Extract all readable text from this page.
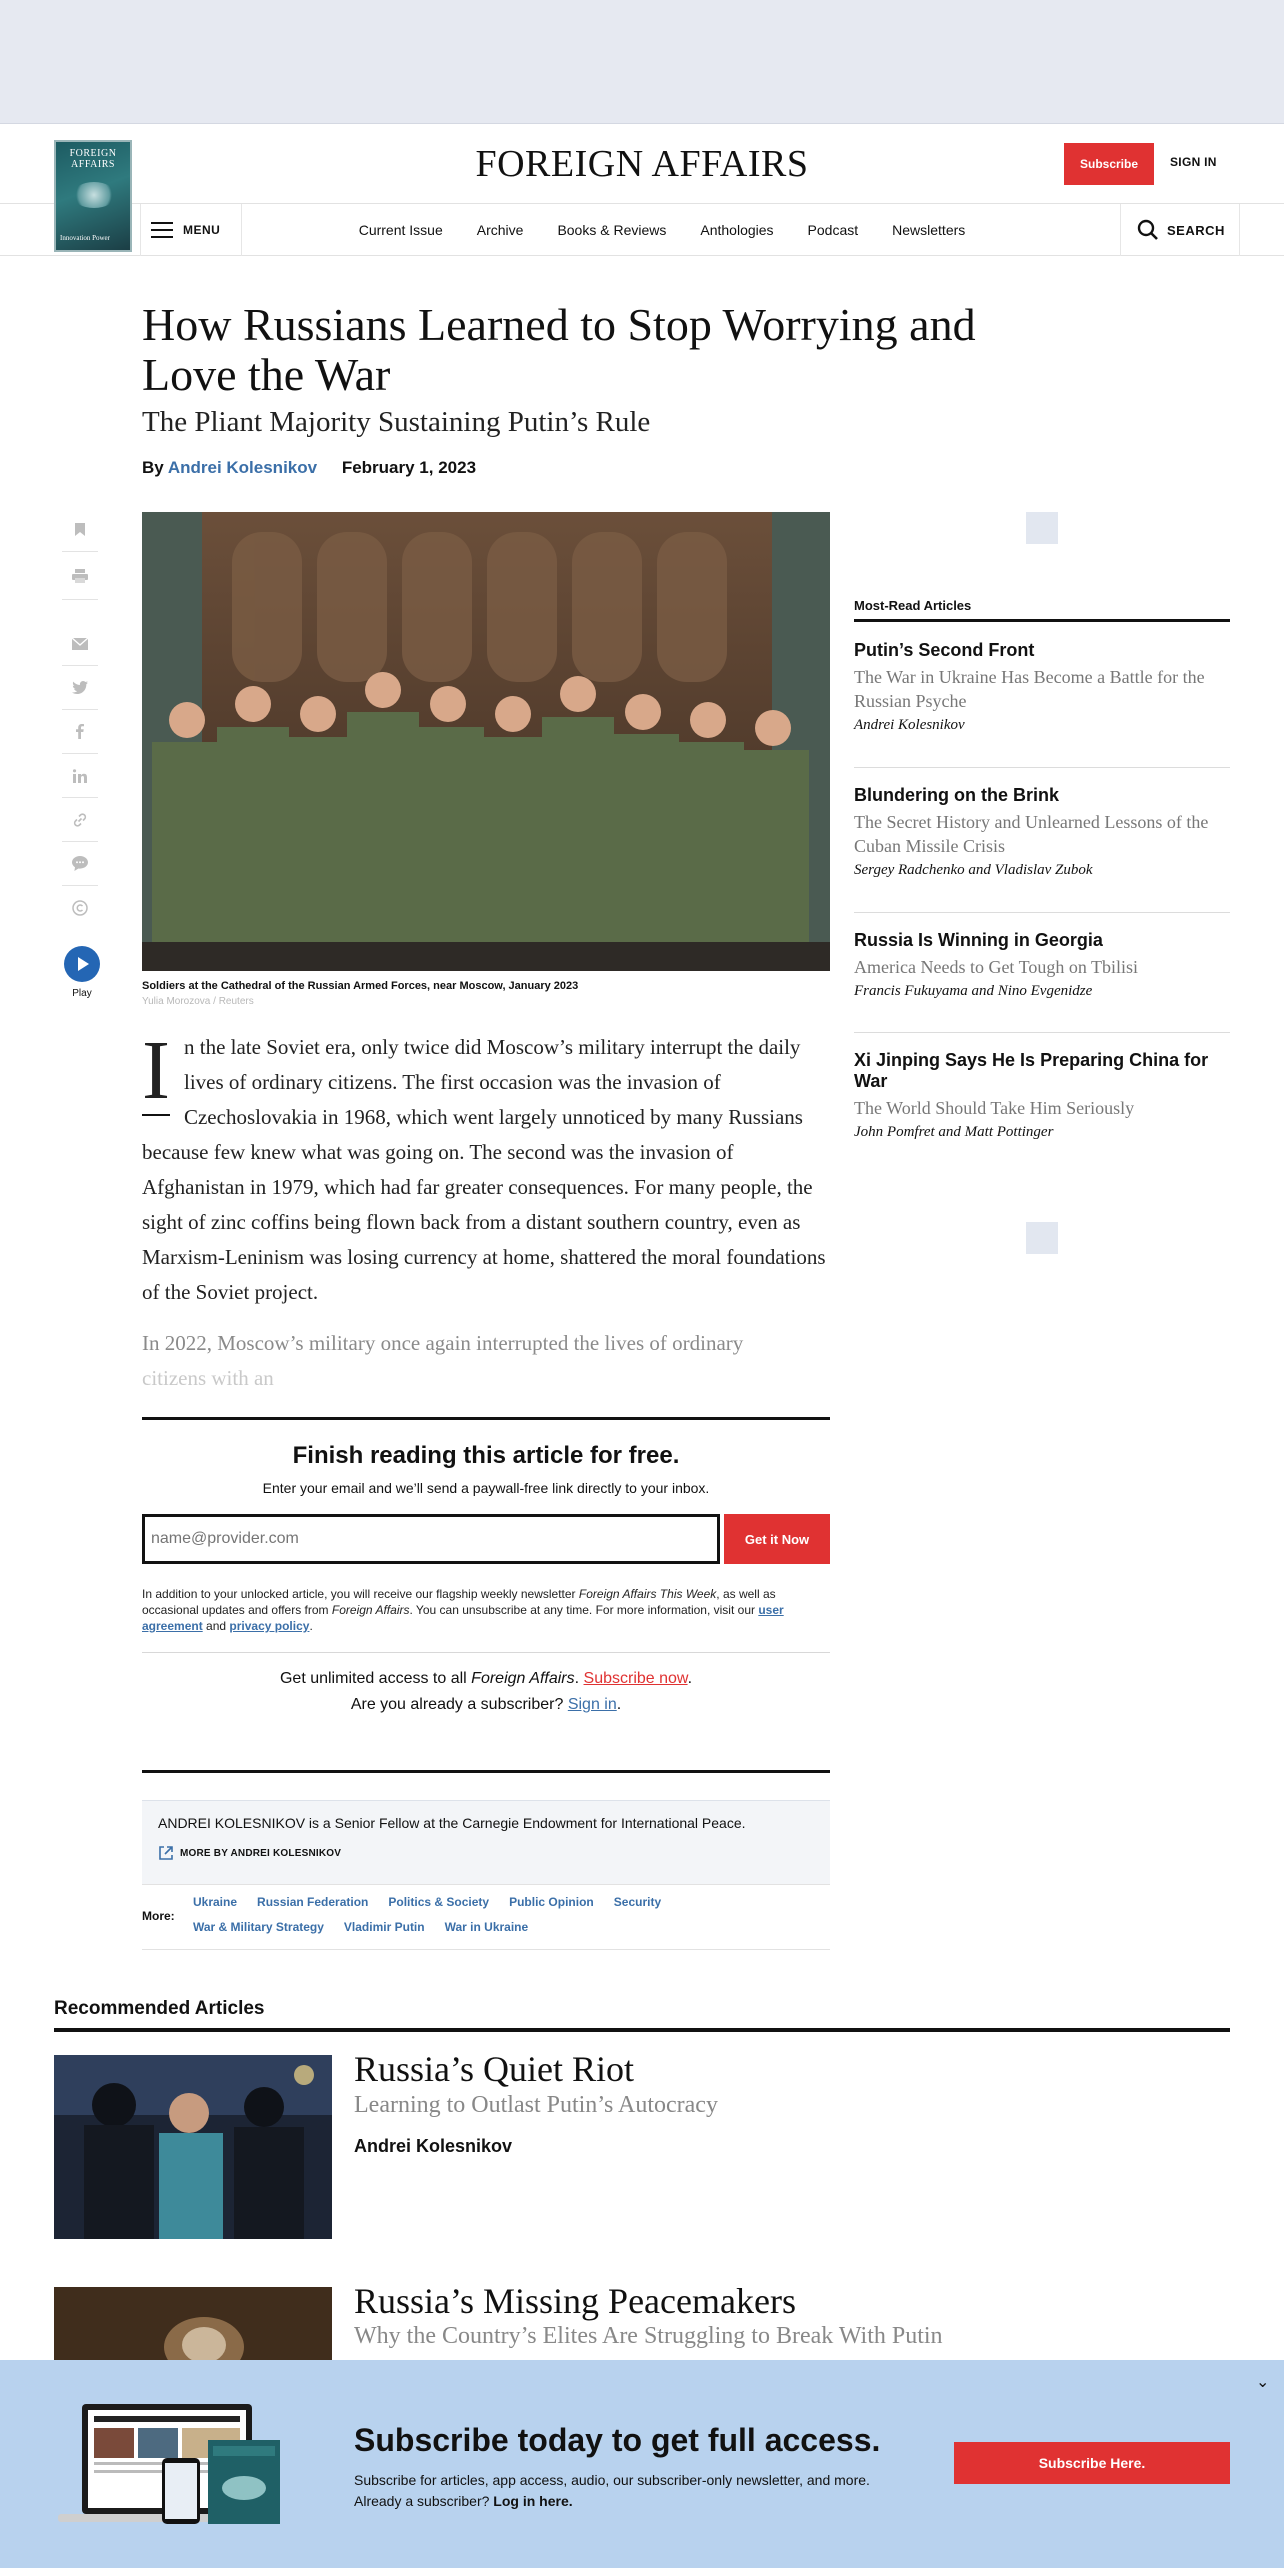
FOREIGN AFFAIRS
Innovation Power
FOREIGN AFFAIRS	Subscribe	SIGN IN
Current Issue Archive Books & Reviews Anthologies Podcast Newsletters
MENU	SEARCH
How Russians Learned to Stop Worrying and Love the War
The Pliant Majority Sustaining Putin’s Rule
By Andrei Kolesnikov February 1, 2023
Play
Soldiers at the Cathedral of the Russian Armed Forces, near Moscow, January 2023
Yulia Morozova / Reuters
I n the late Soviet era, only twice did Moscow’s military interrupt the daily lives of ordinary citizens. The first occasion was the invasion of Czechoslovakia in 1968, which went largely unnoticed by many Russians because few knew what was going on. The second was the invasion of Afghanistan in 1979, which had far greater consequences. For many people, the sight of zinc coffins being flown back from a distant southern country, even as Marxism-Leninism was losing currency at home, shattered the moral foundations of the Soviet project.
In 2022, Moscow’s military once again interrupted the lives of ordinary
citizens with an
Finish reading this article for free.
Enter your email and we’ll send a paywall-free link directly to your inbox.
name@provider.com
Get it Now
In addition to your unlocked article, you will receive our flagship weekly newsletter Foreign Affairs This Week, as well as occasional updates and offers from Foreign Affairs. You can unsubscribe at any time. For more information, visit our user agreement and privacy policy.
Get unlimited access to all Foreign Affairs. Subscribe now.
Are you already a subscriber? Sign in.
ANDREI KOLESNIKOV is a Senior Fellow at the Carnegie Endowment for International Peace.
MORE BY ANDREI KOLESNIKOV
More:
Ukraine Russian Federation Politics & Society Public Opinion Security
War & Military Strategy Vladimir Putin War in Ukraine
Most-Read Articles
Putin’s Second Front
The War in Ukraine Has Become a Battle for the Russian Psyche
Andrei Kolesnikov
Blundering on the Brink
The Secret History and Unlearned Lessons of the Cuban Missile Crisis
Sergey Radchenko and Vladislav Zubok
Russia Is Winning in Georgia
America Needs to Get Tough on Tbilisi
Francis Fukuyama and Nino Evgenidze
Xi Jinping Says He Is Preparing China for War
The World Should Take Him Seriously
John Pomfret and Matt Pottinger
Recommended Articles
Russia’s Quiet Riot
Learning to Outlast Putin’s Autocracy
Andrei Kolesnikov
Russia’s Missing Peacemakers
Why the Country’s Elites Are Struggling to Break With Putin
⌄
Subscribe today to get full access.
Subscribe for articles, app access, audio, our subscriber-only newsletter, and more.
Already a subscriber? Log in here.
Subscribe Here.
